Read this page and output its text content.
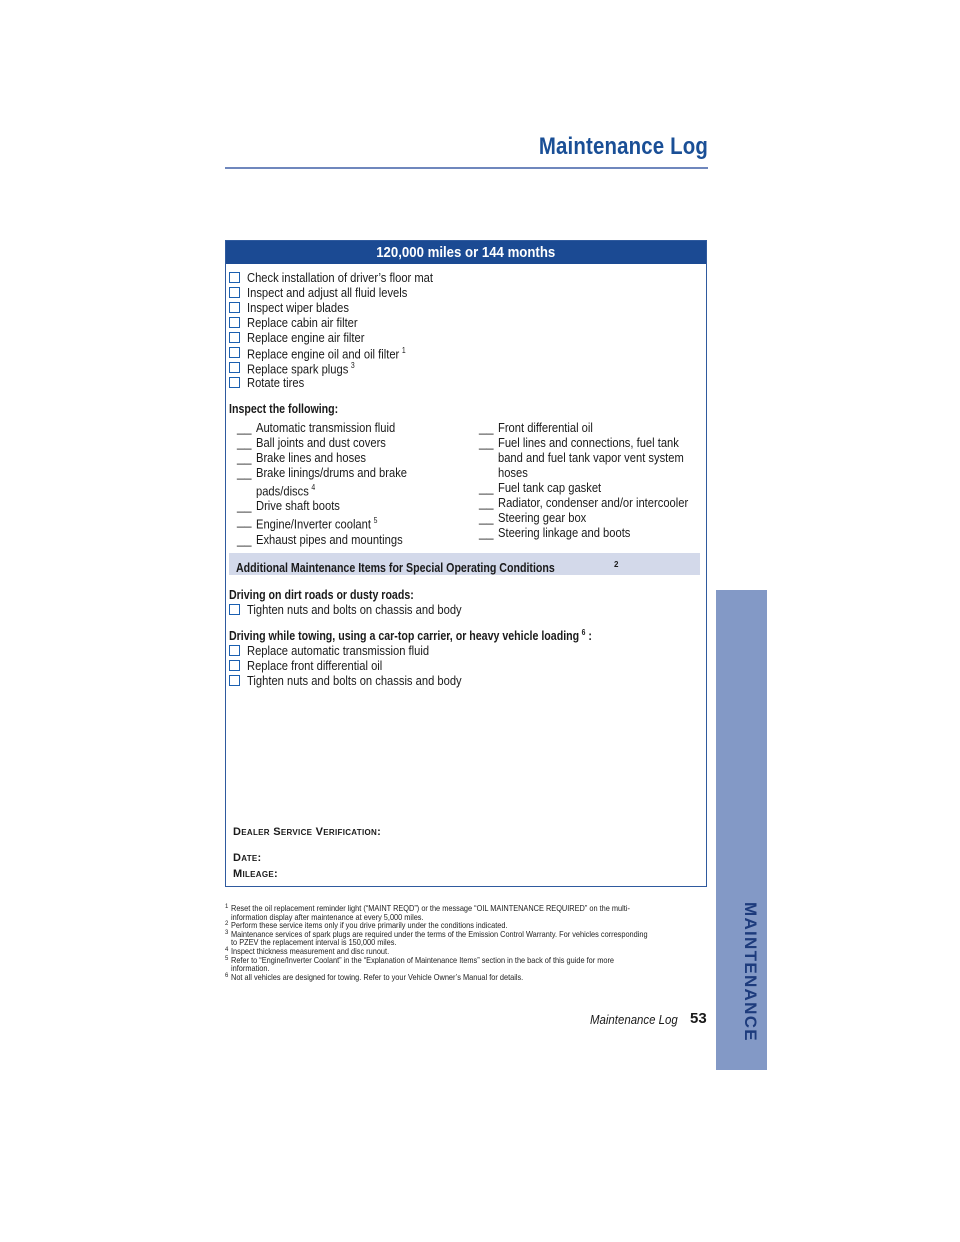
Maintenance Log
120,000 miles or 144 months
Check installation of driver’s floor mat
Inspect and adjust all fluid levels
Inspect wiper blades
Replace cabin air filter
Replace engine air filter
Replace engine oil and oil filter $^1$
Replace spark plugs $^3$
Rotate tires
Inspect the following:
__ Automatic transmission fluid
__ Ball joints and dust covers
__ Brake lines and hoses
__ Brake linings/drums and brake
pads/discs $^4$
__ Drive shaft boots
__ Engine/Inverter coolant $^5$
__ Exhaust pipes and mountings
__ Front differential oil
__ Fuel lines and connections, fuel tank
band and fuel tank vapor vent system
hoses
__ Fuel tank cap gasket
__ Radiator, condenser and/or intercooler
__ Steering gear box
__ Steering linkage and boots
Additional Maintenance Items for Special Operating Conditions	$^2$
Driving on dirt roads or dusty roads:
Tighten nuts and bolts on chassis and body
Driving while towing, using a car-top carrier, or heavy vehicle loading $^6$ :
Replace automatic transmission fluid
Replace front differential oil
Tighten nuts and bolts on chassis and body
Dealer Service Verification:
Date:
Mileage:
1 Reset the oil replacement reminder light (“MAINT REQD”) or the message “OIL MAINTENANCE REQUIRED” on the multi-information display after maintenance at every 5,000 miles.
2 Perform these service items only if you drive primarily under the conditions indicated.
3 Maintenance services of spark plugs are required under the terms of the Emission Control Warranty. For vehicles corresponding to PZEV the replacement interval is 150,000 miles.
4 Inspect thickness measurement and disc runout.
5 Refer to “Engine/Inverter Coolant” in the “Explanation of Maintenance Items” section in the back of this guide for more information.
6 Not all vehicles are designed for towing. Refer to your Vehicle Owner’s Manual for details.
Maintenance Log 53 MAINTENANCE
